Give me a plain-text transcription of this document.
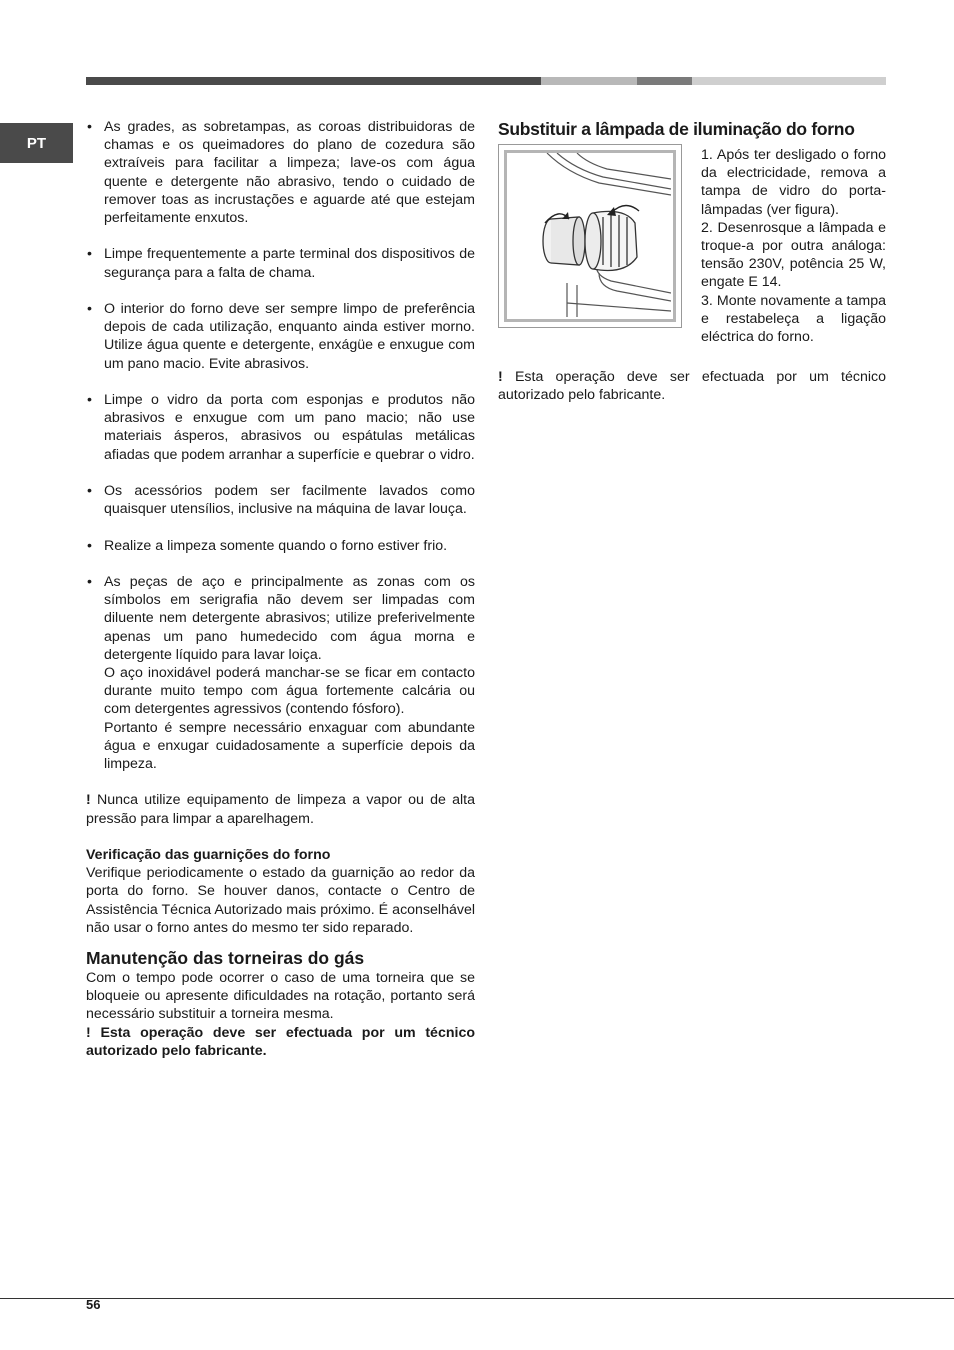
PT
• As grades, as sobretampas, as coroas distribuidoras de chamas e os queimadores do plano de cozedura são extraíveis para facilitar a limpeza; lave-os com água quente e detergente não abrasivo, tendo o cuidado de remover toas as incrustações e aguarde até que estejam perfeitamente enxutos.

• Limpe frequentemente a parte terminal dos dispositivos de segurança para a falta de chama.

• O interior do forno deve ser sempre limpo de preferência depois de cada utilização, enquanto ainda estiver morno. Utilize água quente e detergente, enxágüe e enxugue com um pano macio. Evite abrasivos.

• Limpe o vidro da porta com esponjas e produtos não abrasivos e enxugue com um pano macio; não use materiais ásperos, abrasivos ou espátulas metálicas afiadas que podem arranhar a superfície e quebrar o vidro.

• Os acessórios podem ser facilmente lavados como quaisquer utensílios, inclusive na máquina de lavar louça.

• Realize a limpeza somente quando o forno estiver frio.

• As peças de aço e principalmente as zonas com os símbolos em serigrafia não devem ser limpadas com diluente nem detergente abrasivos; utilize preferivelmente apenas um pano humedecido com água morna e detergente líquido para lavar loiça.

O aço inoxidável poderá manchar-se se ficar em contacto durante muito tempo com água fortemente calcária ou com detergentes agressivos (contendo fósforo).

Portanto é sempre necessário enxaguar com abundante água e enxugar cuidadosamente a superfície depois da limpeza.

! Nunca utilize equipamento de limpeza a vapor ou de alta pressão para limpar a aparelhagem.

Verificação das guarnições do forno

Verifique periodicamente o estado da guarnição ao redor da porta do forno. Se houver danos, contacte o Centro de Assistência Técnica Autorizado mais próximo. É aconselhável não usar o forno antes do mesmo ter sido reparado.

Manutenção das torneiras do gás

Com o tempo pode ocorrer o caso de uma torneira que se bloqueie ou apresente dificuldades na rotação, portanto será necessário substituir a torneira mesma.

! Esta operação deve ser efectuada por um técnico autorizado pelo fabricante.

Substituir a lâmpada de iluminação do forno

1. Após ter desligado o forno da electricidade, remova a tampa de vidro do porta-lâmpadas (ver figura).

2. Desenrosque a lâmpada e troque-a por outra análoga: tensão 230V, potência 25 W, engate E 14.

3. Monte novamente a tampa e restabeleça a ligação eléctrica do forno.

! Esta operação deve ser efectuada por um técnico autorizado pelo fabricante.

56
